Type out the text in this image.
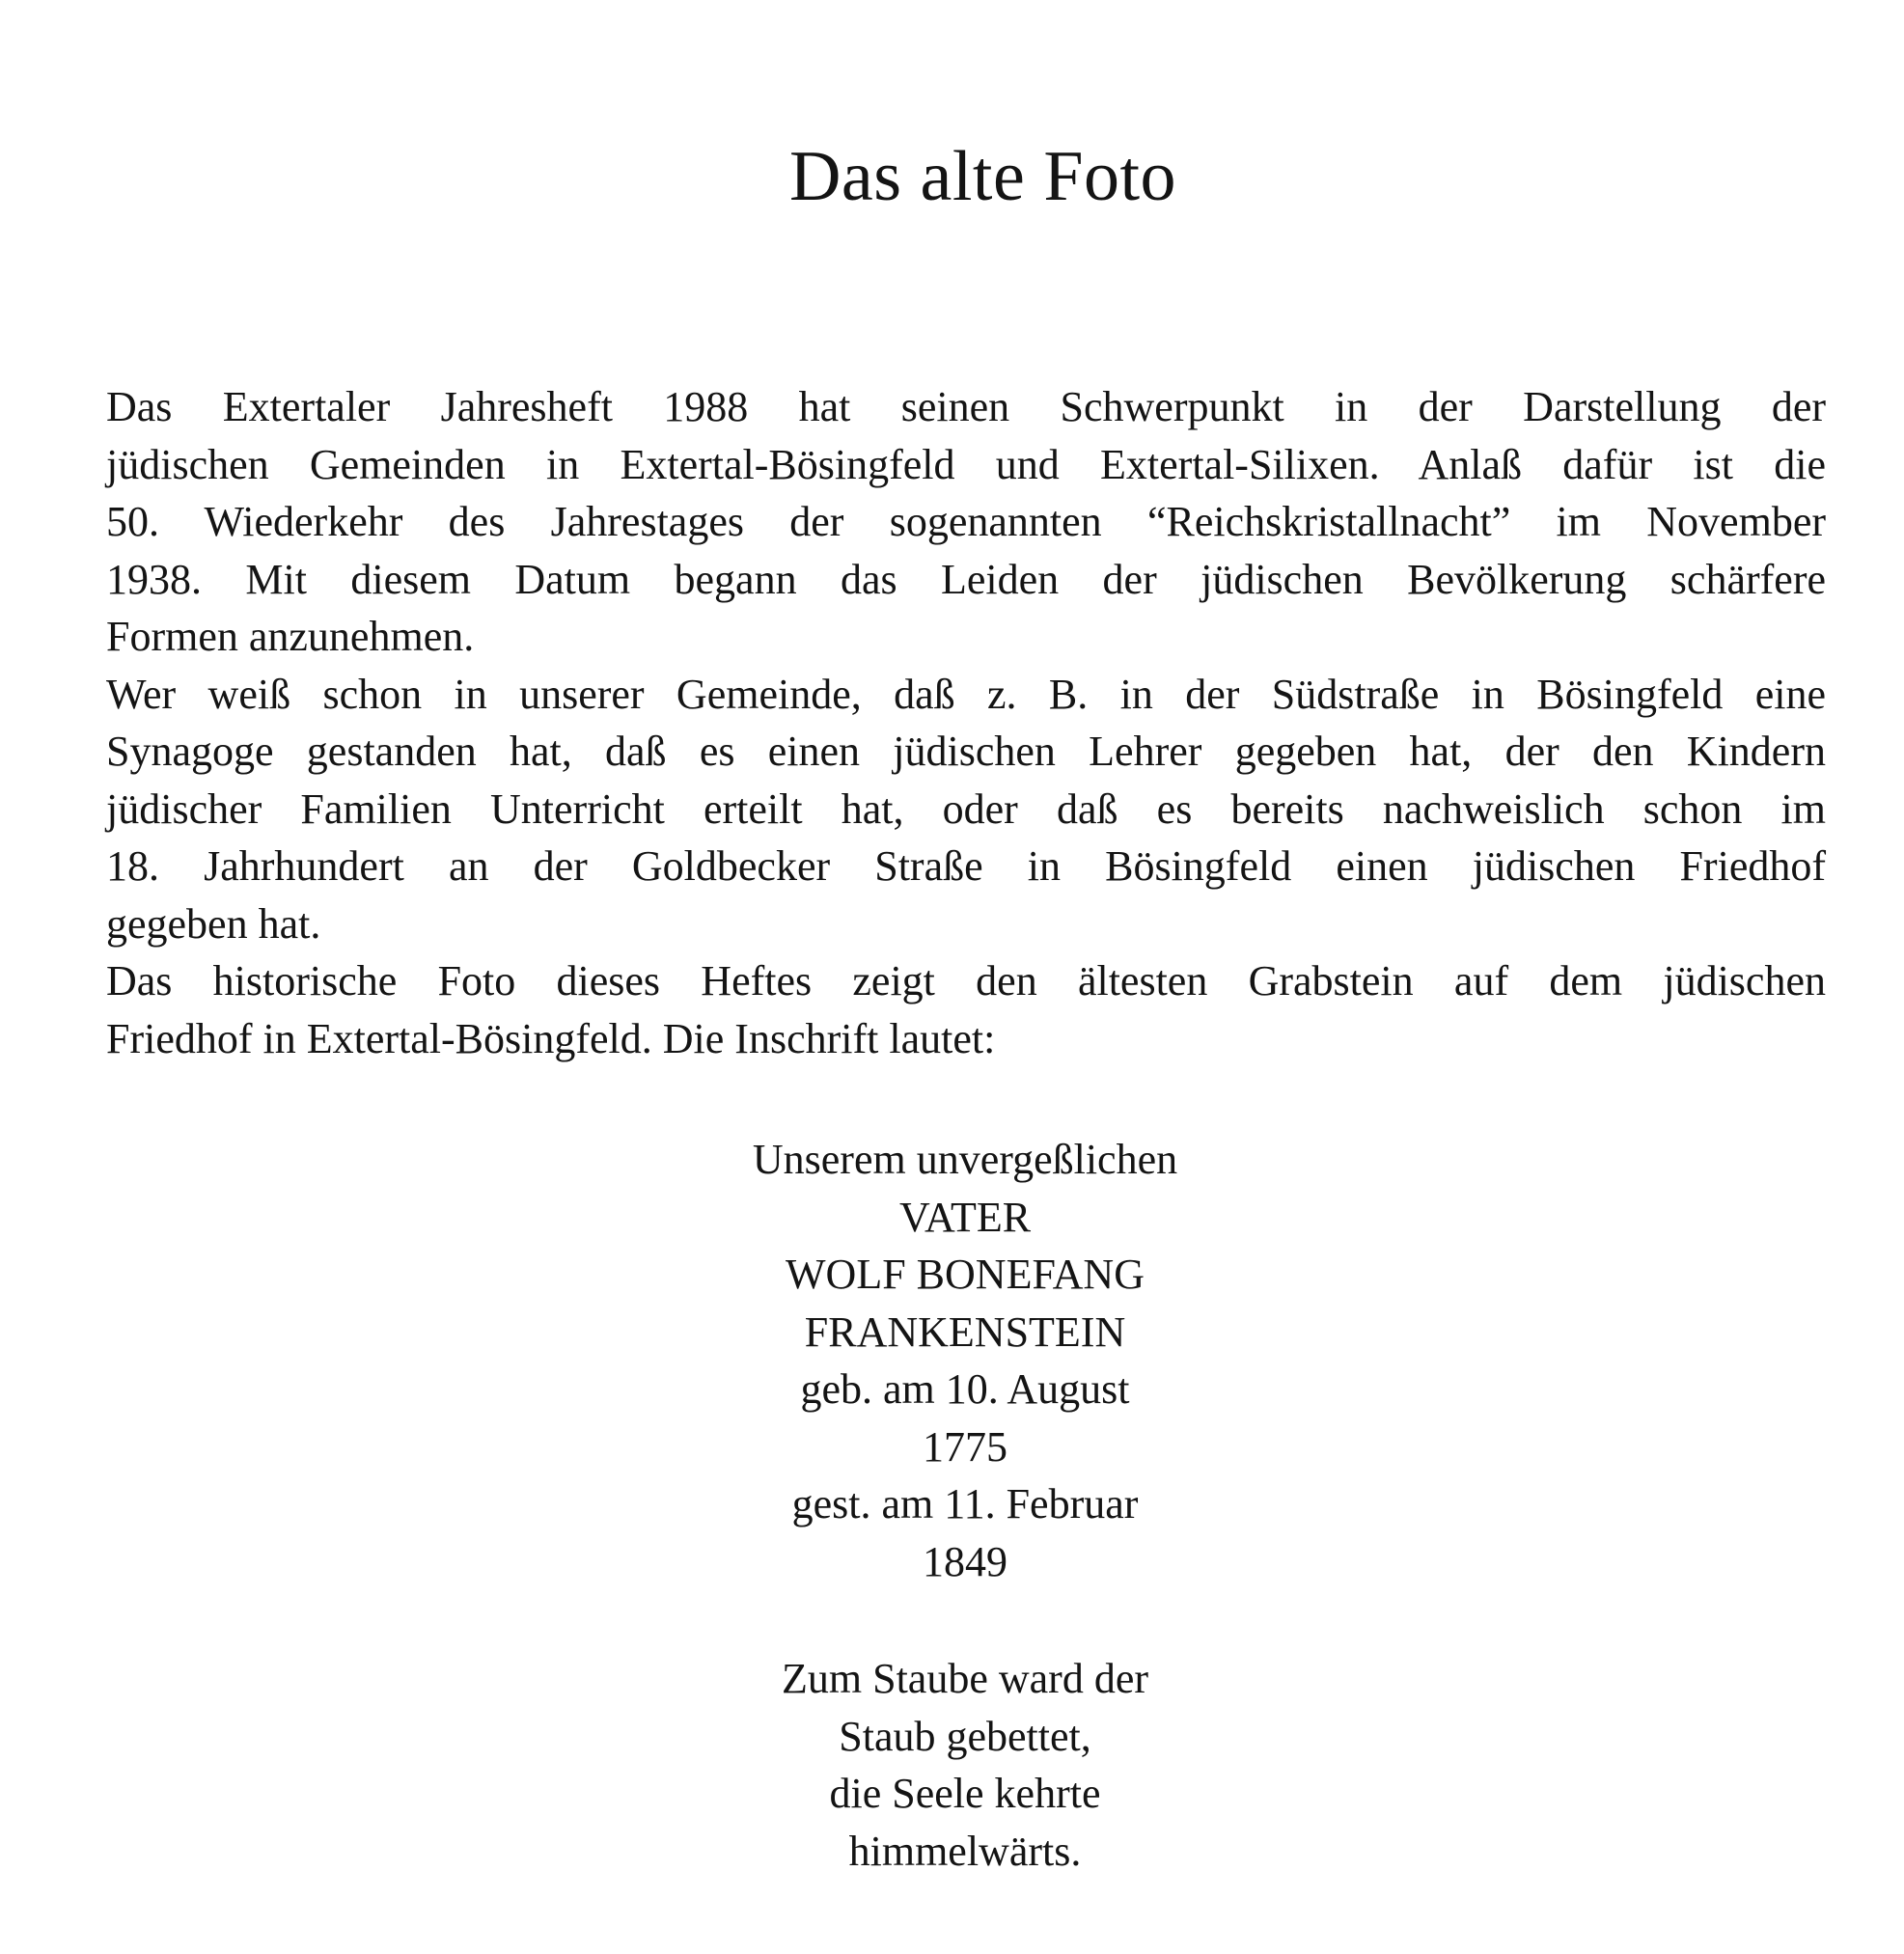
Das alte Foto

Das Extertaler Jahresheft 1988 hat seinen Schwerpunkt in der Darstellung der
jüdischen Gemeinden in Extertal-Bösingfeld und Extertal-Silixen. Anlaß dafür ist die
50. Wiederkehr des Jahrestages der sogenannten “Reichskristallnacht” im November
1938. Mit diesem Datum begann das Leiden der jüdischen Bevölkerung schärfere
Formen anzunehmen.

Wer weiß schon in unserer Gemeinde, daß z. B. in der Südstraße in Bösingfeld eine
Synagoge gestanden hat, daß es einen jüdischen Lehrer gegeben hat, der den Kindern
jüdischer Familien Unterricht erteilt hat, oder daß es bereits nachweislich schon im
18. Jahrhundert an der Goldbecker Straße in Bösingfeld einen jüdischen Friedhof
gegeben hat.

Das historische Foto dieses Heftes zeigt den ältesten Grabstein auf dem jüdischen
Friedhof in Extertal-Bösingfeld. Die Inschrift lautet:

Unserem unvergeßlichen
VATER
WOLF BONEFANG
FRANKENSTEIN
geb. am 10. August
1775
gest. am 11. Februar
1849
Zum Staube ward der
Staub gebettet,
die Seele kehrte
himmelwärts.
